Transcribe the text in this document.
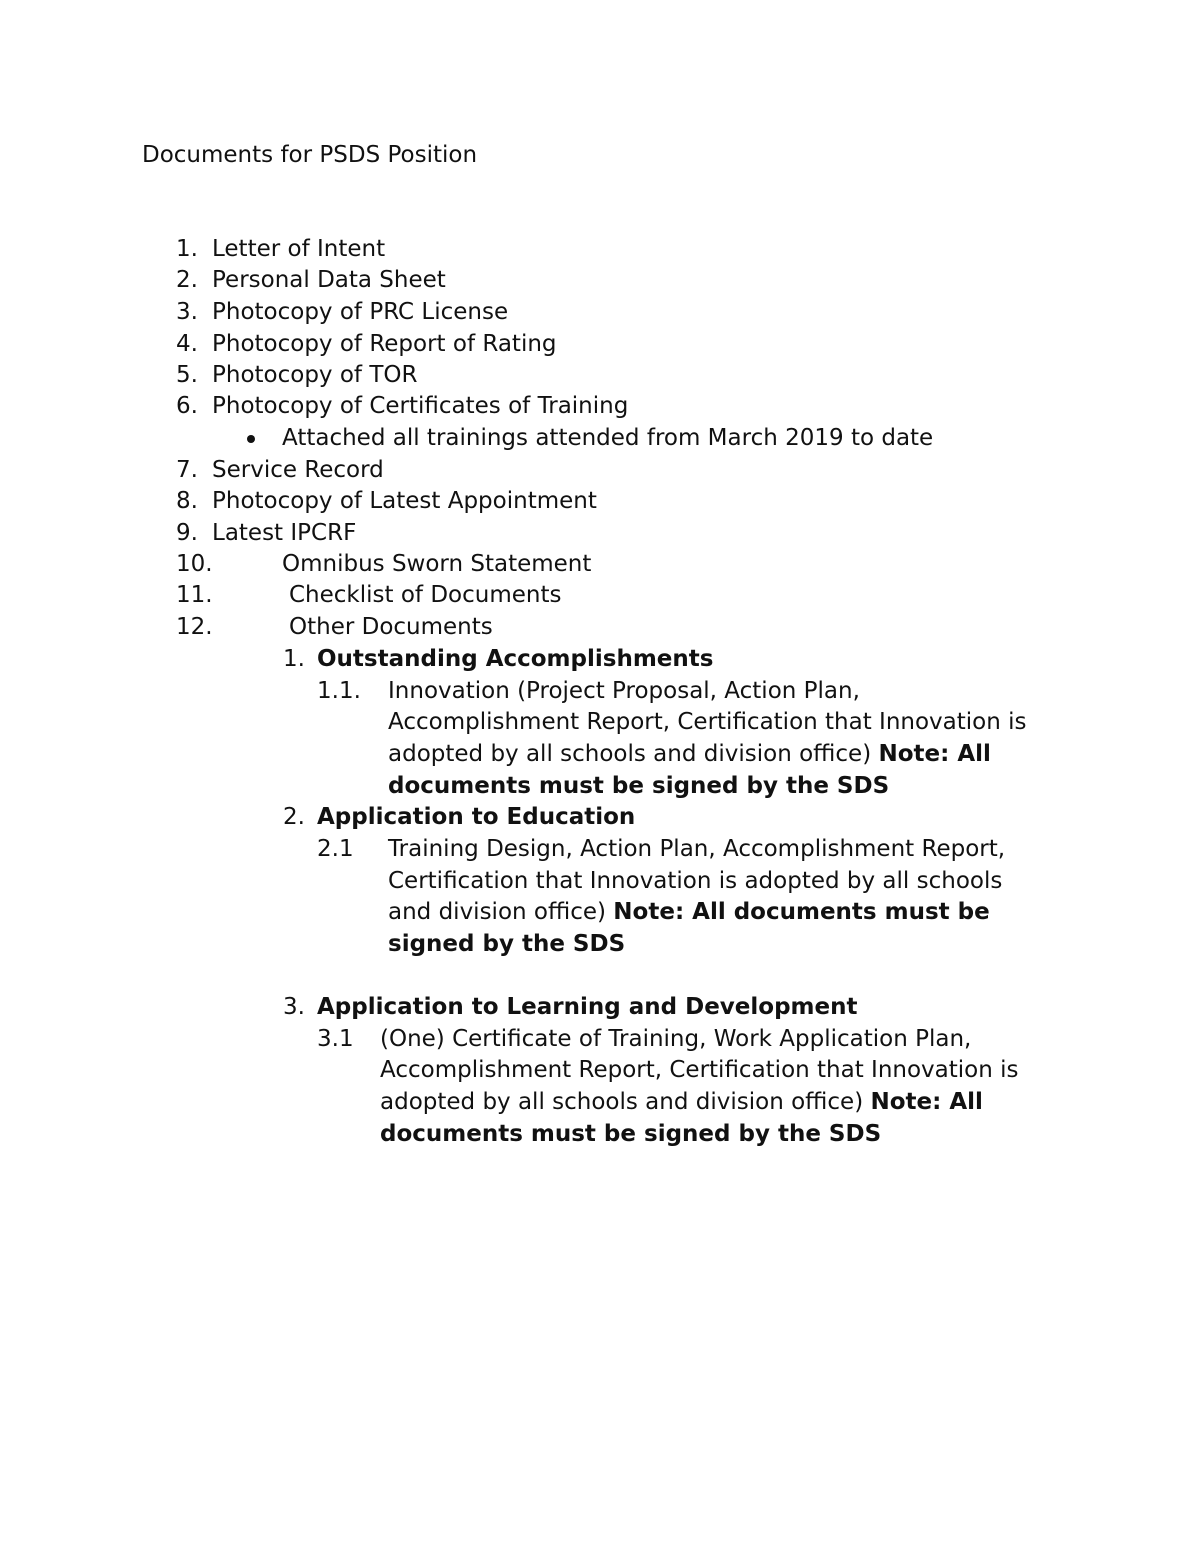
Documents for PSDS Position

1. Letter of Intent
2. Personal Data Sheet
3. Photocopy of PRC License
4. Photocopy of Report of Rating
5. Photocopy of TOR
6. Photocopy of Certificates of Training
Attached all trainings attended from March 2019 to date
7. Service Record
8. Photocopy of Latest Appointment
9. Latest IPCRF
10.	Omnibus Sworn Statement
11.	Checklist of Documents
12.	Other Documents
1. Outstanding Accomplishments
1.1. Innovation (Project Proposal, Action Plan,
Accomplishment Report, Certification that Innovation is
adopted by all schools and division office) Note: All
documents must be signed by the SDS
2. Application to Education
2.1 Training Design, Action Plan, Accomplishment Report,
Certification that Innovation is adopted by all schools
and division office) Note: All documents must be
signed by the SDS
3. Application to Learning and Development
3.1 (One) Certificate of Training, Work Application Plan,
Accomplishment Report, Certification that Innovation is
adopted by all schools and division office) Note: All
documents must be signed by the SDS
